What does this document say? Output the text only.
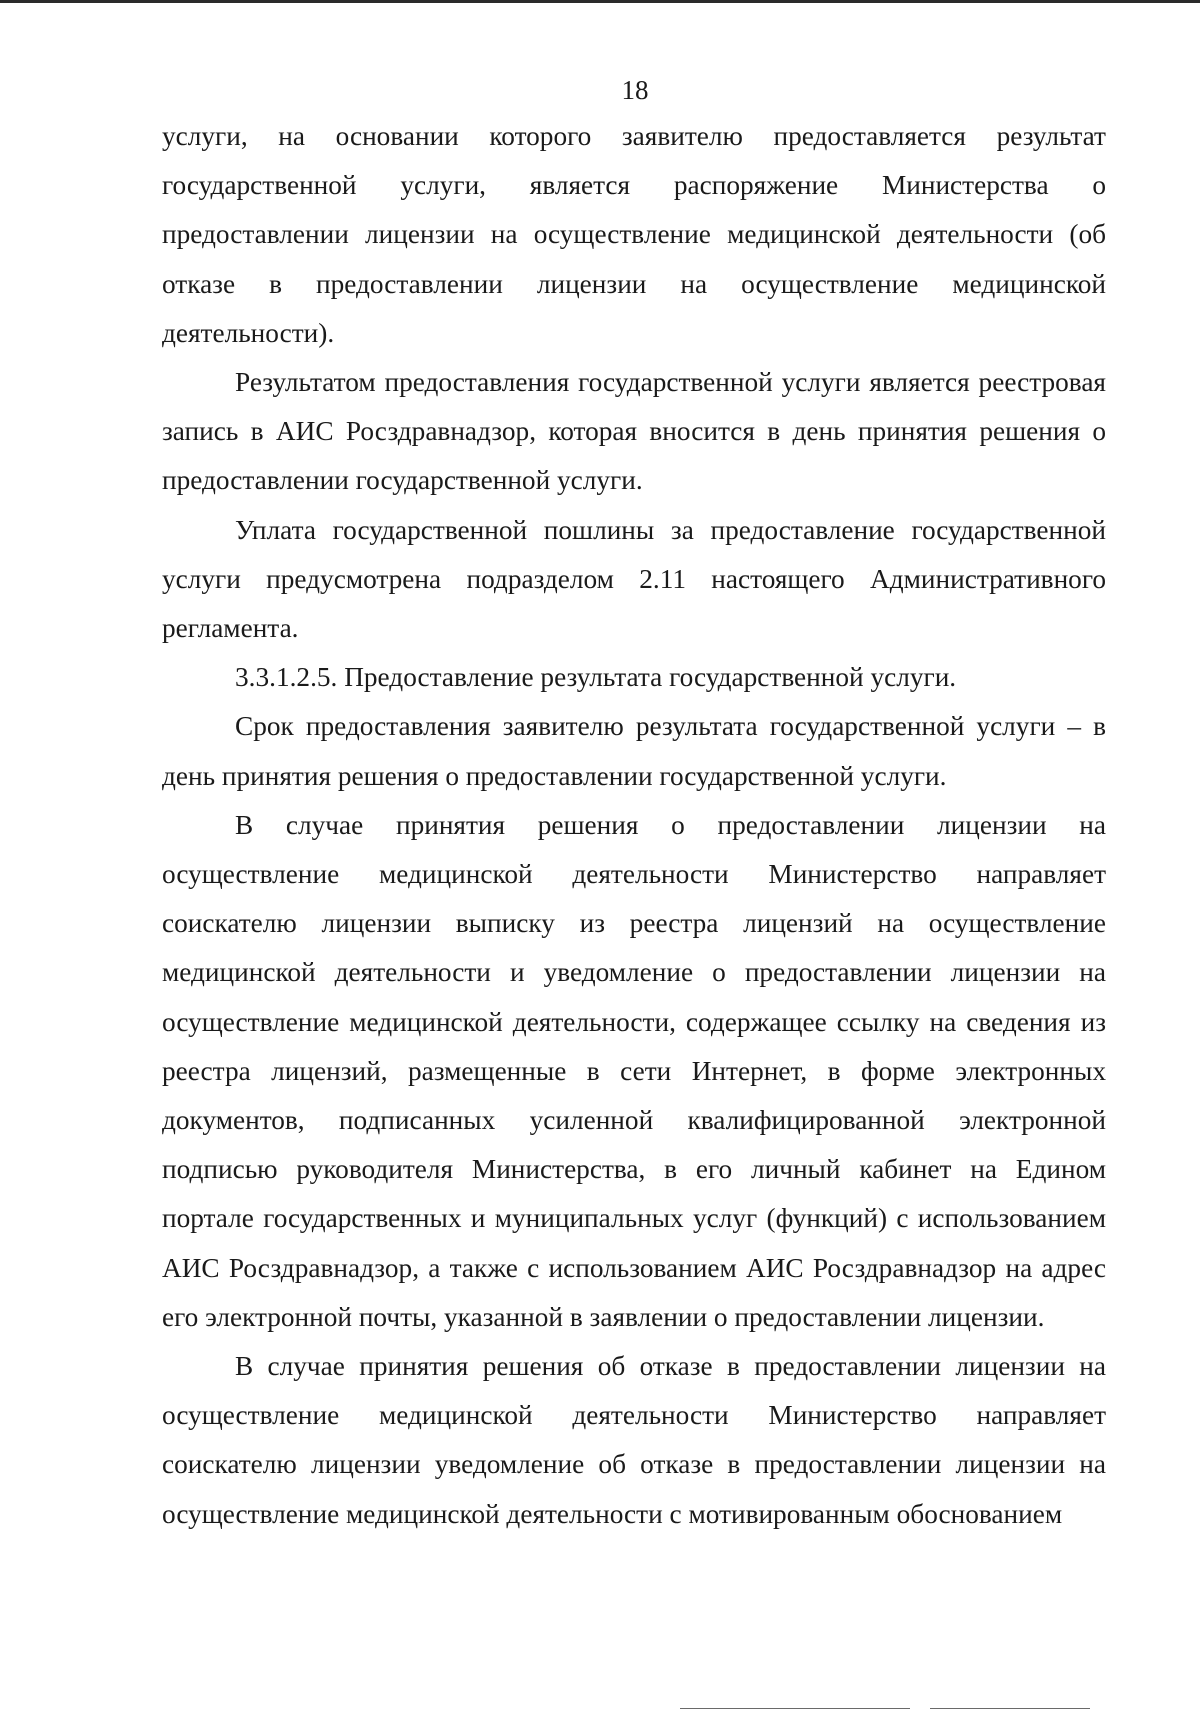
18

услуги, на основании которого заявителю предоставляется результат государственной услуги, является распоряжение Министерства о предоставлении лицензии на осуществление медицинской деятельности (об отказе в предоставлении лицензии на осуществление медицинской деятельности).

Результатом предоставления государственной услуги является реестровая запись в АИС Росздравнадзор, которая вносится в день принятия решения о предоставлении государственной услуги.

Уплата государственной пошлины за предоставление государственной услуги предусмотрена подразделом 2.11 настоящего Административного регламента.

3.3.1.2.5. Предоставление результата государственной услуги.

Срок предоставления заявителю результата государственной услуги – в день принятия решения о предоставлении государственной услуги.

В случае принятия решения о предоставлении лицензии на осуществление медицинской деятельности Министерство направляет соискателю лицензии выписку из реестра лицензий на осуществление медицинской деятельности и уведомление о предоставлении лицензии на осуществление медицинской деятельности, содержащее ссылку на сведения из реестра лицензий, размещенные в сети Интернет, в форме электронных документов, подписанных усиленной квалифицированной электронной подписью руководителя Министерства, в его личный кабинет на Едином портале государственных и муниципальных услуг (функций) с использованием АИС Росздравнадзор, а также с использованием АИС Росздравнадзор на адрес его электронной почты, указанной в заявлении о предоставлении лицензии.

В случае принятия решения об отказе в предоставлении лицензии на осуществление медицинской деятельности Министерство направляет соискателю лицензии уведомление об отказе в предоставлении лицензии на осуществление медицинской деятельности с мотивированным обоснованием
